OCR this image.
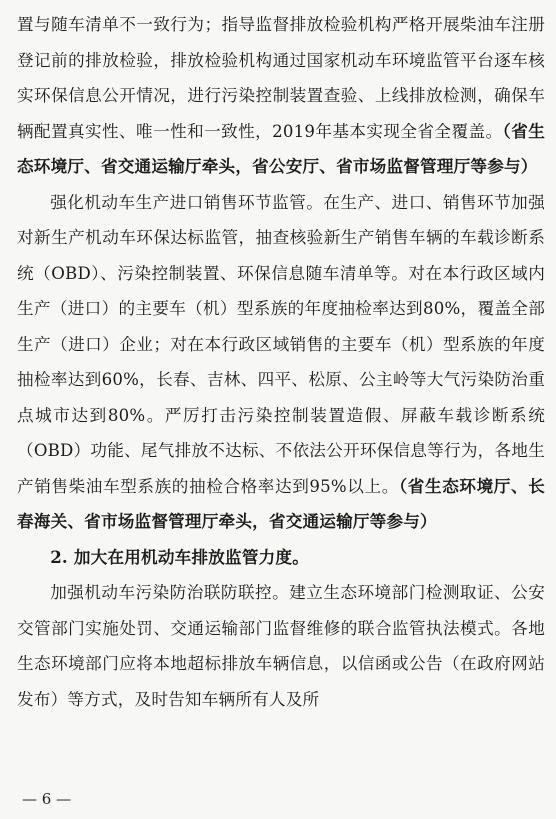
置与随车清单不一致行为；指导监督排放检验机构严格开展柴油车注册登记前的排放检验，排放检验机构通过国家机动车环境监管平台逐车核实环保信息公开情况，进行污染控制装置查验、上线排放检测，确保车辆配置真实性、唯一性和一致性，2019年基本实现全省全覆盖。（省生态环境厅、省交通运输厅牵头，省公安厅、省市场监督管理厅等参与）

强化机动车生产进口销售环节监管。在生产、进口、销售环节加强对新生产机动车环保达标监管，抽查核验新生产销售车辆的车载诊断系统（OBD）、污染控制装置、环保信息随车清单等。对在本行政区域内生产（进口）的主要车（机）型系族的年度抽检率达到80%，覆盖全部生产（进口）企业；对在本行政区域销售的主要车（机）型系族的年度抽检率达到60%，长春、吉林、四平、松原、公主岭等大气污染防治重点城市达到80%。严厉打击污染控制装置造假、屏蔽车载诊断系统（OBD）功能、尾气排放不达标、不依法公开环保信息等行为，各地生产销售柴油车型系族的抽检合格率达到95%以上。（省生态环境厅、长春海关、省市场监督管理厅牵头，省交通运输厅等参与）

2. 加大在用机动车排放监管力度。

加强机动车污染防治联防联控。建立生态环境部门检测取证、公安交管部门实施处罚、交通运输部门监督维修的联合监管执法模式。各地生态环境部门应将本地超标排放车辆信息，以信函或公告（在政府网站发布）等方式，及时告知车辆所有人及所

— 6 —
